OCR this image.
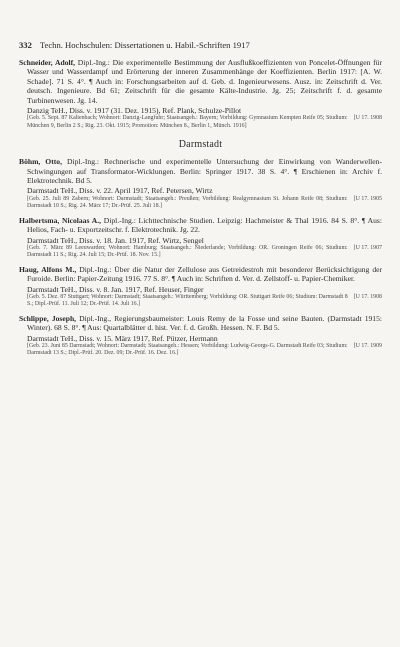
332 Techn. Hochschulen: Dissertationen u. Habil.-Schriften 1917

Schneider, Adolf, Dipl.-Ing.: Die experimentelle Bestimmung der Ausflußkoeffizienten von Poncelet-Öffnungen für Wasser und Wasserdampf und Erörterung der inneren Zusammenhänge der Koeffizienten. Berlin 1917: [A. W. Schade]. 71 S. 4°. ¶ Auch in: Forschungsarbeiten auf d. Geb. d. Ingenieurwesens. Ausz. in: Zeitschrift d. Ver. deutsch. Ingenieure. Bd 61; Zeitschrift für die gesamte Kälte-Industrie. Jg. 25; Zeitschrift f. d. gesamte Turbinenwesen. Jg. 14.

Danzig TeH., Diss. v. 1917 (31. Dez. 1915), Ref. Plank, Schulze-Pillot

[U 17. 1908
[Geb. 5. Sept. 87 Kaltenbach; Wohnort: Danzig-Langfuhr; Staatsangeh.: Bayern; Vorbildung: Gymnasium Kempten Reife 05; Studium: München 9, Berlin 2 S.; Rig. 23. Okt. 1915; Promotion: München 8., Berlin 1, Münch. 1916]

Darmstadt

Böhm, Otto, Dipl.-Ing.: Rechnerische und experimentelle Untersuchung der Einwirkung von Wanderwellen-Schwingungen auf Transformator-Wicklungen. Berlin: Springer 1917. 38 S. 4°. ¶ Erschienen in: Archiv f. Elektrotechnik. Bd 5.

Darmstadt TeH., Diss. v. 22. April 1917, Ref. Petersen, Wirtz

[U 17. 1905
[Geb. 25. Juli 89 Zabern; Wohnort: Darmstadt; Staatsangeh.: Preußen; Vorbildung: Realgymnasium St. Johann Reife 08; Studium: Darmstadt 10 S.; Rig. 24. März 17; Dr.-Prüf. 25. Juli 18.]

Halbertsma, Nicolaas A., Dipl.-Ing.: Lichttechnische Studien. Leipzig: Hachmeister & Thal 1916. 84 S. 8°. ¶ Aus: Helios, Fach- u. Exportzeitschr. f. Elektrotechnik. Jg. 22.

Darmstadt TeH., Diss. v. 18. Jan. 1917, Ref. Wirtz, Sengel

[U 17. 1907
[Geb. 7. März 89 Leeuwarden; Wohnort: Hamburg; Staatsangeh.: Niederlande; Vorbildung: OR. Groningen Reife 06; Studium: Darmstadt 11 S.; Rig. 24. Juli 15; Dr.-Prüf. 18. Nov. 15.]

Haug, Alfons M., Dipl.-Ing.: Über die Natur der Zellulose aus Getreidestroh mit besonderer Berücksichtigung der Furoide. Berlin: Papier-Zeitung 1916. 77 S. 8°. ¶ Auch in: Schriften d. Ver. d. Zellstoff- u. Papier-Chemiker.

Darmstadt TeH., Diss. v. 8. Jan. 1917, Ref. Heuser, Finger

[U 17. 1908
[Geb. 5. Dez. 87 Stuttgart; Wohnort: Darmstadt; Staatsangeh.: Württemberg; Vorbildung: OR. Stuttgart Reife 06; Studium: Darmstadt 8 S.; Dipl.-Prüf. 11. Juli 12; Dr.-Prüf. 14. Juli 16.]

Schlippe, Joseph, Dipl.-Ing., Regierungsbaumeister: Louis Remy de la Fosse und seine Bauten. (Darmstadt 1915: Winter). 68 S. 8°. ¶ Aus: Quartalblätter d. hist. Ver. f. d. Großh. Hessen. N. F. Bd 5.

Darmstadt TeH., Diss. v. 15. März 1917, Ref. Pützer, Hermann

[U 17. 1909
[Geb. 23. Juni 85 Darmstadt; Wohnort: Darmstadt; Staatsangeh.: Hessen; Vorbildung: Ludwig-Georgs-G. Darmstadt Reife 03; Studium: Darmstadt 13 S.; Dipl.-Prüf. 20. Dez. 09; Dr.-Prüf. 16. Dez. 16.]
